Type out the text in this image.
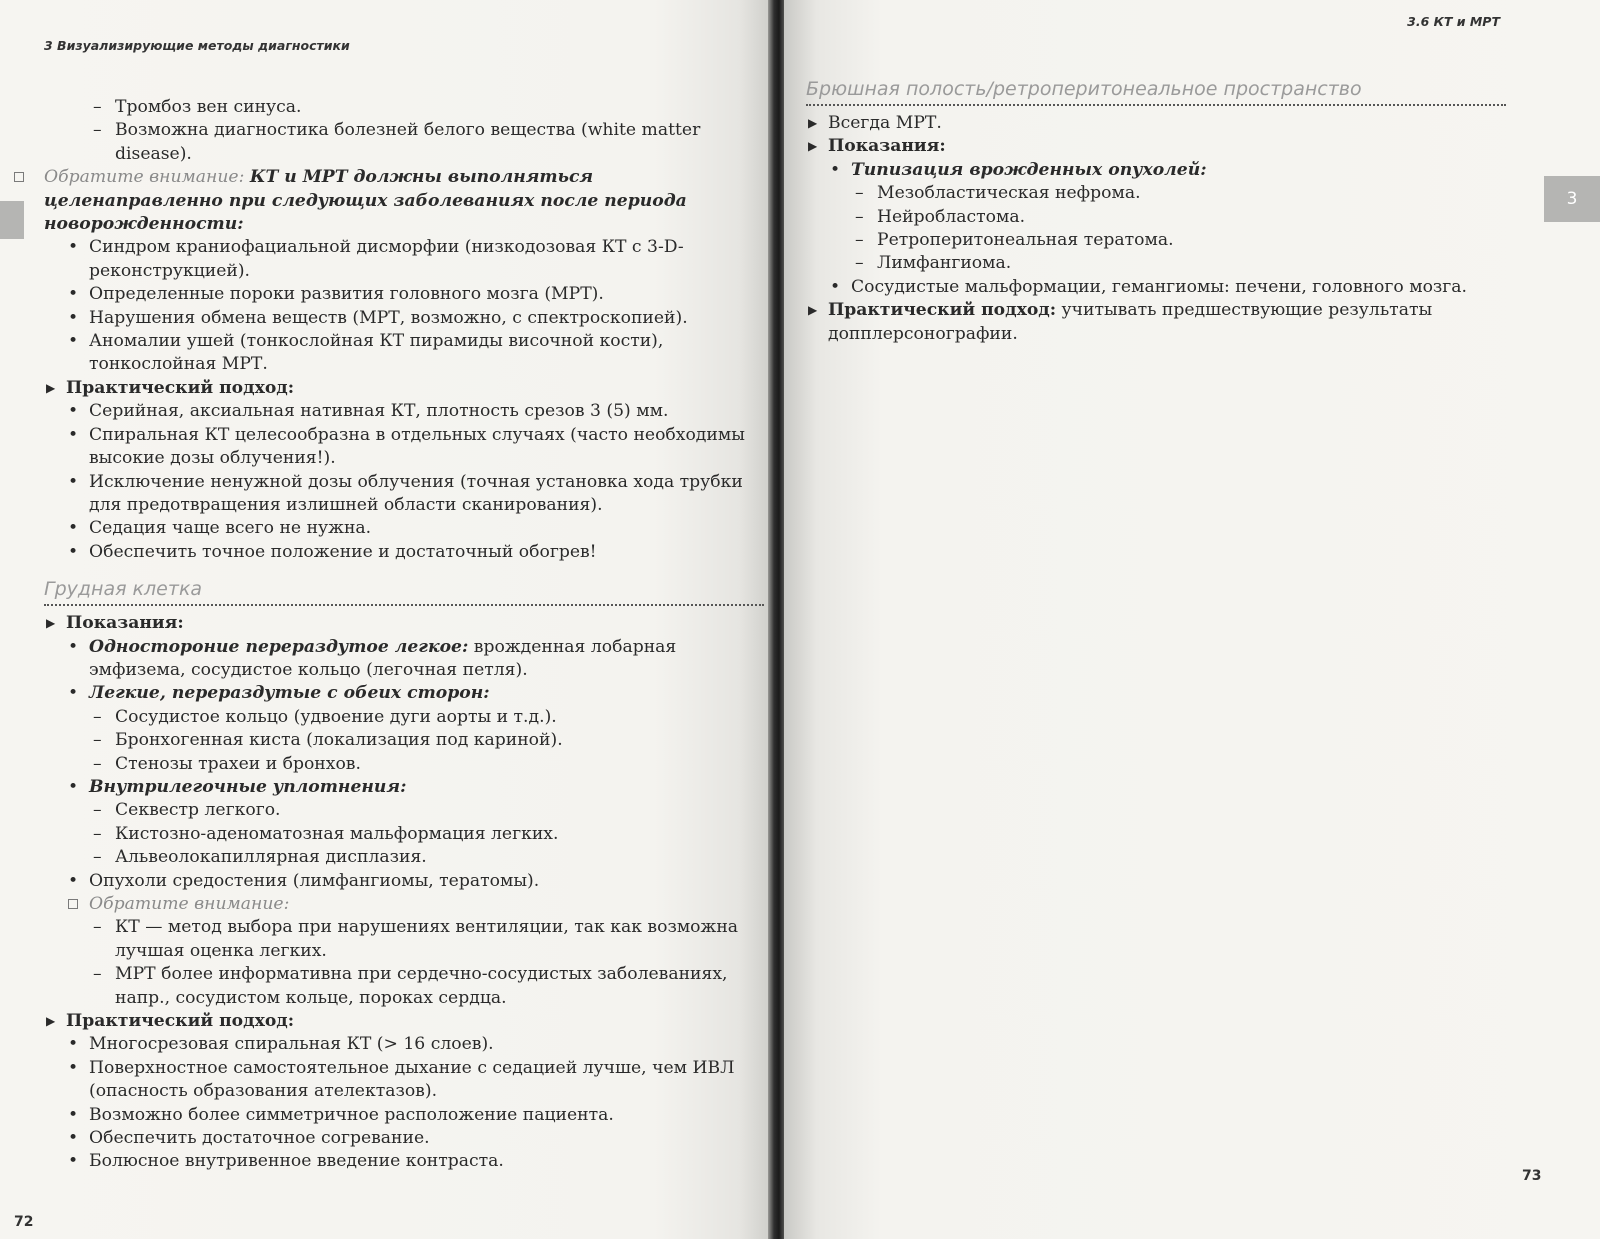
3 Визуализирующие методы диагностики

– Тромбоз вен синуса.

– Возможна диагностика болезней белого вещества (white matter disease).

Обратите внимание: КТ и МРТ должны выполняться целенаправленно при следующих заболеваниях после периода новорожденности:

• Синдром краниофациальной дисморфии (низкодозовая КТ с 3-D-реконструкцией).

• Определенные пороки развития головного мозга (МРТ).

• Нарушения обмена веществ (МРТ, возможно, с спектроскопией).

• Аномалии ушей (тонкослойная КТ пирамиды височной кости), тонкослойная МРТ.

▶ Практический подход:

• Серийная, аксиальная нативная КТ, плотность срезов 3 (5) мм.

• Спиральная КТ целесообразна в отдельных случаях (часто необходимы высокие дозы облучения!).

• Исключение ненужной дозы облучения (точная установка хода трубки для предотвращения излишней области сканирования).

• Седация чаще всего не нужна.

• Обеспечить точное положение и достаточный обогрев!

Грудная клетка

▶ Показания:

• Одностороние перераздутое легкое: врожденная лобарная эмфизема, сосудистое кольцо (легочная петля).

• Легкие, перераздутые с обеих сторон:

– Сосудистое кольцо (удвоение дуги аорты и т.д.).

– Бронхогенная киста (локализация под кариной).

– Стенозы трахеи и бронхов.

• Внутрилегочные уплотнения:

– Секвестр легкого.

– Кистозно-аденоматозная мальформация легких.

– Альвеолокапиллярная дисплазия.

• Опухоли средостения (лимфангиомы, тератомы).

Обратите внимание:

– КТ — метод выбора при нарушениях вентиляции, так как возможна лучшая оценка легких.

– МРТ более информативна при сердечно-сосудистых заболеваниях, напр., сосудистом кольце, пороках сердца.

▶ Практический подход:

• Многосрезовая спиральная КТ (> 16 слоев).

• Поверхностное самостоятельное дыхание с седацией лучше, чем ИВЛ (опасность образования ателектазов).

• Возможно более симметричное расположение пациента.

• Обеспечить достаточное согревание.

• Болюсное внутривенное введение контраста.

72
3.6 КТ и МРТ
3
Брюшная полость/ретроперитонеальное пространство

▶ Всегда МРТ.

▶ Показания:

• Типизация врожденных опухолей:

– Мезобластическая нефрома.

– Нейробластома.

– Ретроперитонеальная тератома.

– Лимфангиома.

• Сосудистые мальформации, гемангиомы: печени, головного мозга.

▶ Практический подход: учитывать предшествующие результаты допплерсонографии.

73
